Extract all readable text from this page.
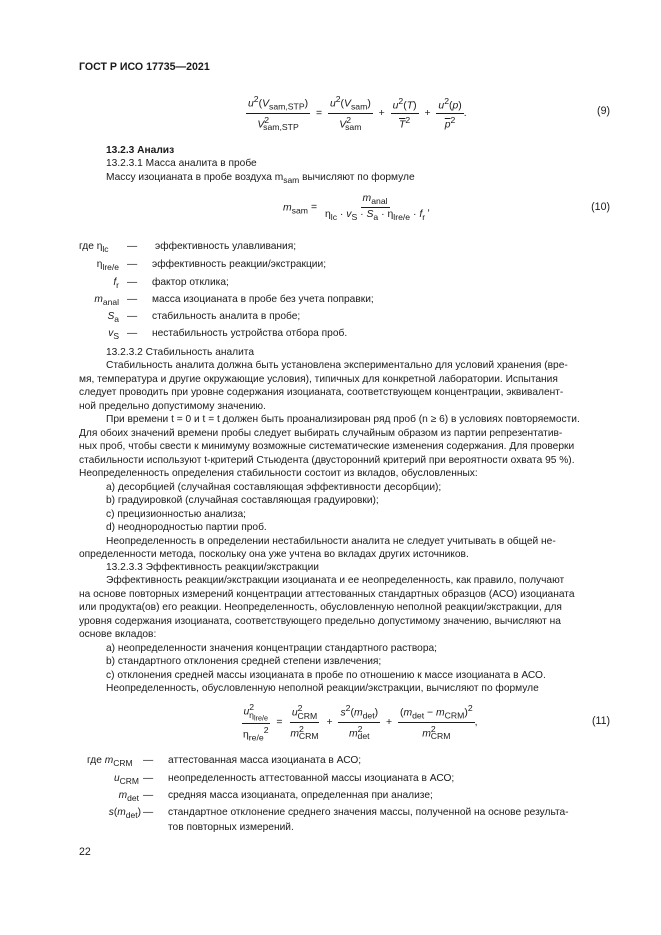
ГОСТ Р ИСО 17735—2021
$\frac{u^2(V_{sam,STP})}{V^2_{sam,STP}} = \frac{u^2(V_{sam})}{V^2_{sam}} + \frac{u^2(T)}{\overline{T}^2} + \frac{u^2(p)}{\overline{p}^2}$ .	(9)
13.2.3 Анализ
13.2.3.1 Масса аналита в пробе
Массу изоцианата в пробе воздуха $m_{sam}$ вычисляют по формуле
$m_{sam} = \frac{m_{anal}}{\eta_{lc} \cdot v_S \cdot S_a \cdot \eta_{lre/e} \cdot f_r}$ ,	(10)
где $\eta_{lc}$	— эффективность улавливания;
$\eta_{lre/e}$ — эффективность реакции/экстракции;
$f_r$ — фактор отклика;
$m_{anal}$ — масса изоцианата в пробе без учета поправки;
$S_a$ — стабильность аналита в пробе;
$v_S$ — нестабильность устройства отбора проб.
13.2.3.2 Стабильность аналита
Стабильность аналита должна быть установлена экспериментально для условий хранения (вре-
мя, температура и другие окружающие условия), типичных для конкретной лаборатории. Испытания
следует проводить при уровне содержания изоцианата, соответствующем концентрации, эквивалент-
ной предельно допустимому значению.
При времени t = 0 и t = t должен быть проанализирован ряд проб (n ≥ 6) в условиях повторяемости.
Для обоих значений времени пробы следует выбирать случайным образом из партии репрезентатив-
ных проб, чтобы свести к минимуму возможные систематические изменения содержания. Для проверки
стабильности используют t-критерий Стьюдента (двусторонний критерий при вероятности охвата 95 %).
Неопределенность определения стабильности состоит из вкладов, обусловленных:
a) десорбцией (случайная составляющая эффективности десорбции);
b) градуировкой (случайная составляющая градуировки);
c) прецизионностью анализа;
d) неоднородностью партии проб.
Неопределенность в определении нестабильности аналита не следует учитывать в общей не-
определенности метода, поскольку она уже учтена во вкладах других источников.
13.2.3.3 Эффективность реакции/экстракции
Эффективность реакции/экстракции изоцианата и ее неопределенность, как правило, получают
на основе повторных измерений концентрации аттестованных стандартных образцов (АСО) изоцианата
или продукта(ов) его реакции. Неопределенность, обусловленную неполной реакции/экстракции, для
уровня содержания изоцианата, соответствующего предельно допустимому значению, вычисляют на
основе вкладов:
a) неопределенности значения концентрации стандартного раствора;
b) стандартного отклонения средней степени извлечения;
c) отклонения средней массы изоцианата в пробе по отношению к массе изоцианата в АСО.
Неопределенность, обусловленную неполной реакции/экстракции, вычисляют по формуле
$\frac{u^2_{\eta_{lre/e}}}{\eta_{re/e}^2} = \frac{u^2_{CRM}}{m^2_{CRM}} + \frac{s^2(m_{det})}{m^2_{det}} + \frac{(m_{det} - m_{CRM})^2}{m^2_{CRM}}$ ,	(11)
где $m_{CRM}$ — аттестованная масса изоцианата в АСО;
$u_{CRM}$ — неопределенность аттестованной массы изоцианата в АСО;
$m_{det}$ — средняя масса изоцианата, определенная при анализе;
$s(m_{det})$ — стандартное отклонение среднего значения массы, полученной на основе результа-
тов повторных измерений.
22
